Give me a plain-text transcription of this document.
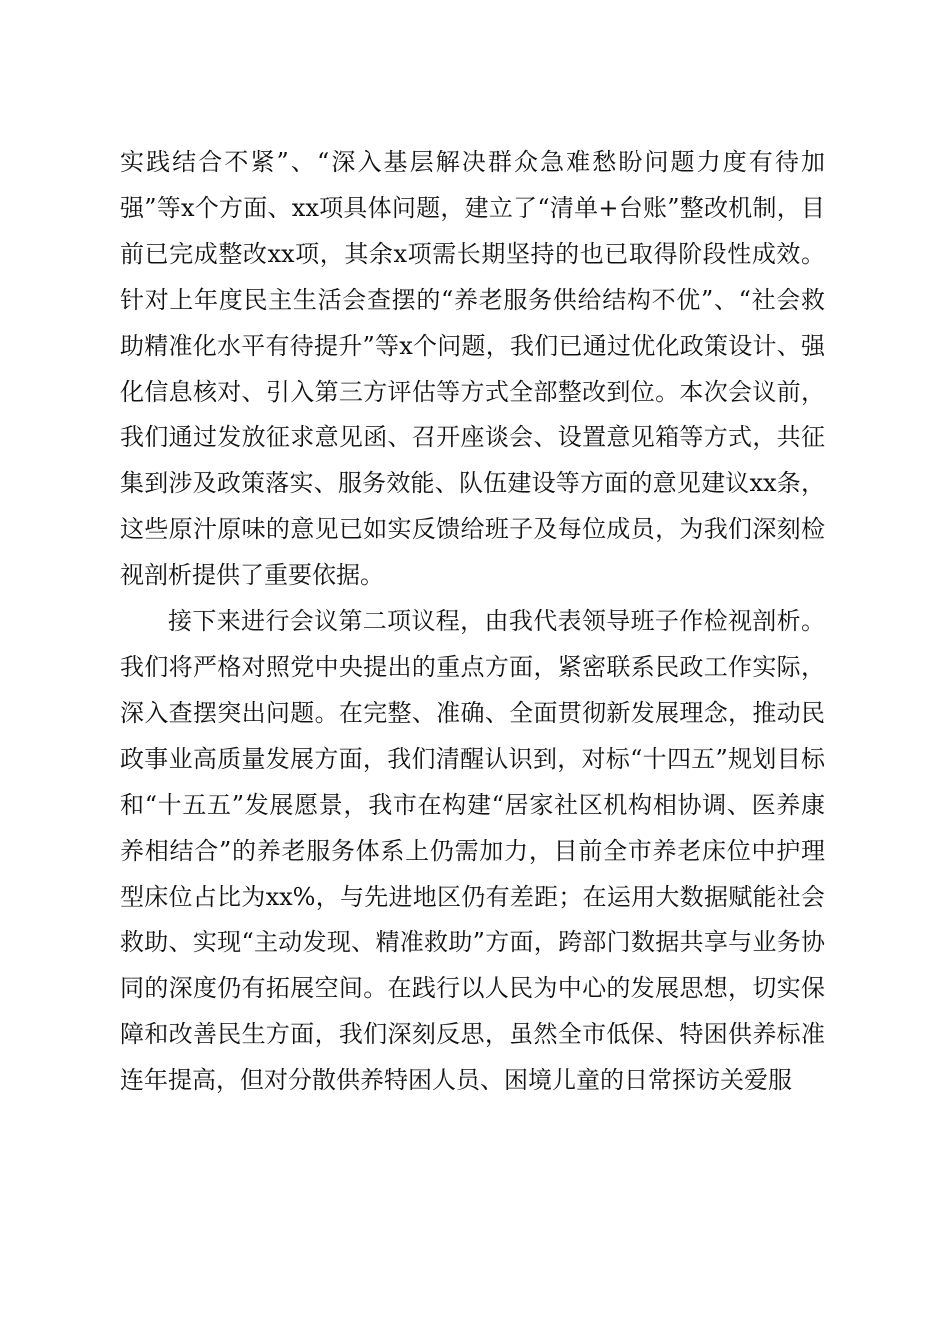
实践结合不紧”、“深入基层解决群众急难愁盼问题力度有待加强”等x个方面、xx项具体问题，建立了“清单+台账”整改机制，目前已完成整改xx项，其余x项需长期坚持的也已取得阶段性成效。针对上年度民主生活会查摆的“养老服务供给结构不优”、“社会救助精准化水平有待提升”等x个问题，我们已通过优化政策设计、强化信息核对、引入第三方评估等方式全部整改到位。本次会议前，我们通过发放征求意见函、召开座谈会、设置意见箱等方式，共征集到涉及政策落实、服务效能、队伍建设等方面的意见建议xx条，这些原汁原味的意见已如实反馈给班子及每位成员，为我们深刻检视剖析提供了重要依据。

接下来进行会议第二项议程，由我代表领导班子作检视剖析。我们将严格对照党中央提出的重点方面，紧密联系民政工作实际，深入查摆突出问题。在完整、准确、全面贯彻新发展理念，推动民政事业高质量发展方面，我们清醒认识到，对标“十四五”规划目标和“十五五”发展愿景，我市在构建“居家社区机构相协调、医养康养相结合”的养老服务体系上仍需加力，目前全市养老床位中护理型床位占比为xx%，与先进地区仍有差距；在运用大数据赋能社会救助、实现“主动发现、精准救助”方面，跨部门数据共享与业务协同的深度仍有拓展空间。在践行以人民为中心的发展思想，切实保障和改善民生方面，我们深刻反思，虽然全市低保、特困供养标准连年提高，但对分散供养特困人员、困境儿童的日常探访关爱服
